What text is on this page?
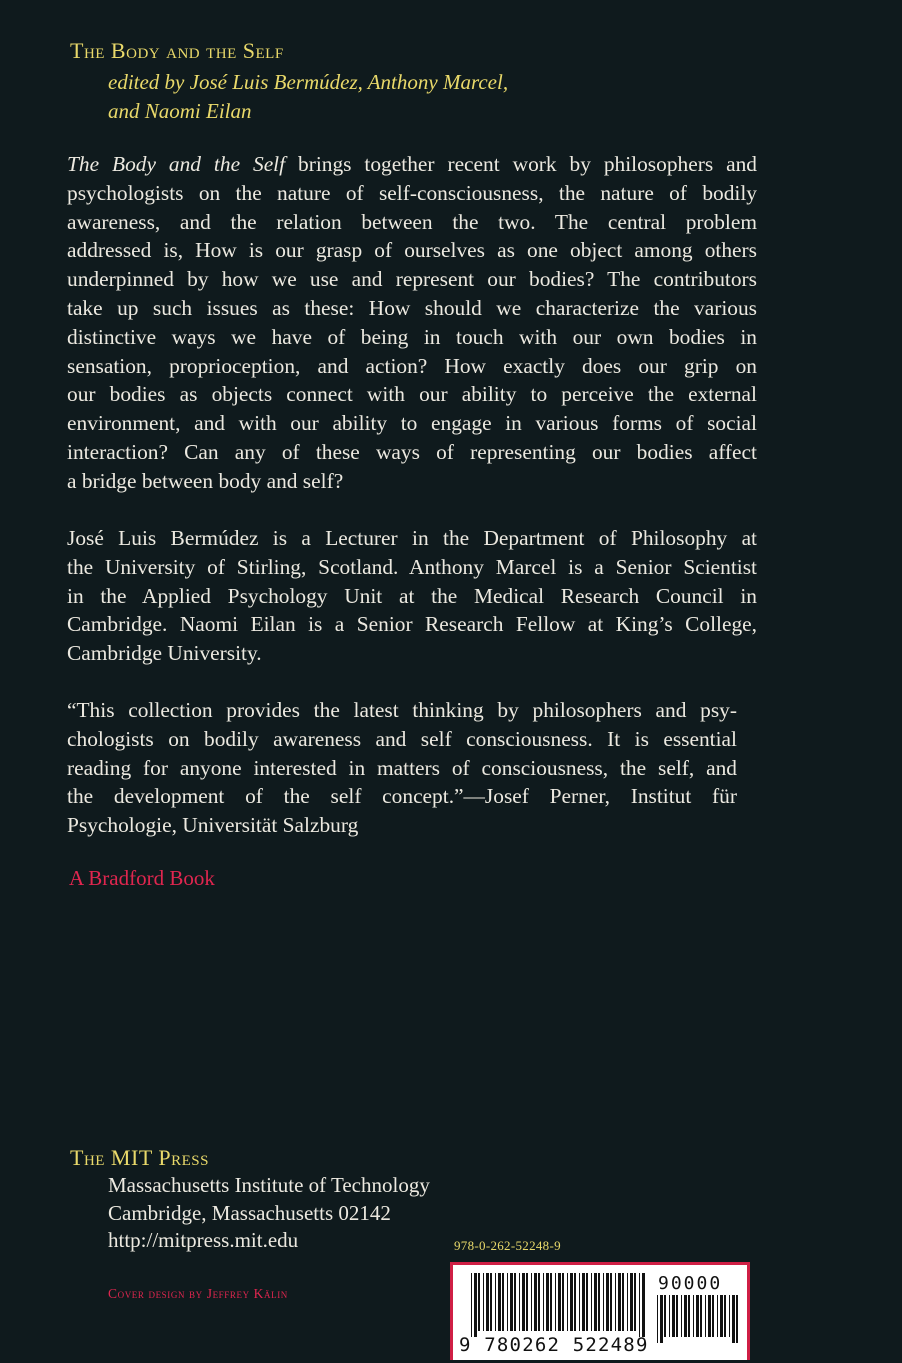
The Body and the Self
edited by José Luis Bermúdez, Anthony Marcel,
and Naomi Eilan
The Body and the Self brings together recent work by philosophers and
psychologists on the nature of self-consciousness, the nature of bodily
awareness, and the relation between the two. The central problem
addressed is, How is our grasp of ourselves as one object among others
underpinned by how we use and represent our bodies? The contributors
take up such issues as these: How should we characterize the various
distinctive ways we have of being in touch with our own bodies in
sensation, proprioception, and action? How exactly does our grip on
our bodies as objects connect with our ability to perceive the external
environment, and with our ability to engage in various forms of social
interaction? Can any of these ways of representing our bodies affect
a bridge between body and self?
José Luis Bermúdez is a Lecturer in the Department of Philosophy at
the University of Stirling, Scotland. Anthony Marcel is a Senior Scientist
in the Applied Psychology Unit at the Medical Research Council in
Cambridge. Naomi Eilan is a Senior Research Fellow at King’s College,
Cambridge University.
“This collection provides the latest thinking by philosophers and psy-
chologists on bodily awareness and self consciousness. It is essential
reading for anyone interested in matters of consciousness, the self, and
the development of the self concept.”—Josef Perner, Institut für
Psychologie, Universität Salzburg
A Bradford Book
The MIT Press
Massachusetts Institute of Technology
Cambridge, Massachusetts 02142
http://mitpress.mit.edu	978-0-262-52248-9
Cover design by Jeffrey Kälin	90000
9 780262 522489
